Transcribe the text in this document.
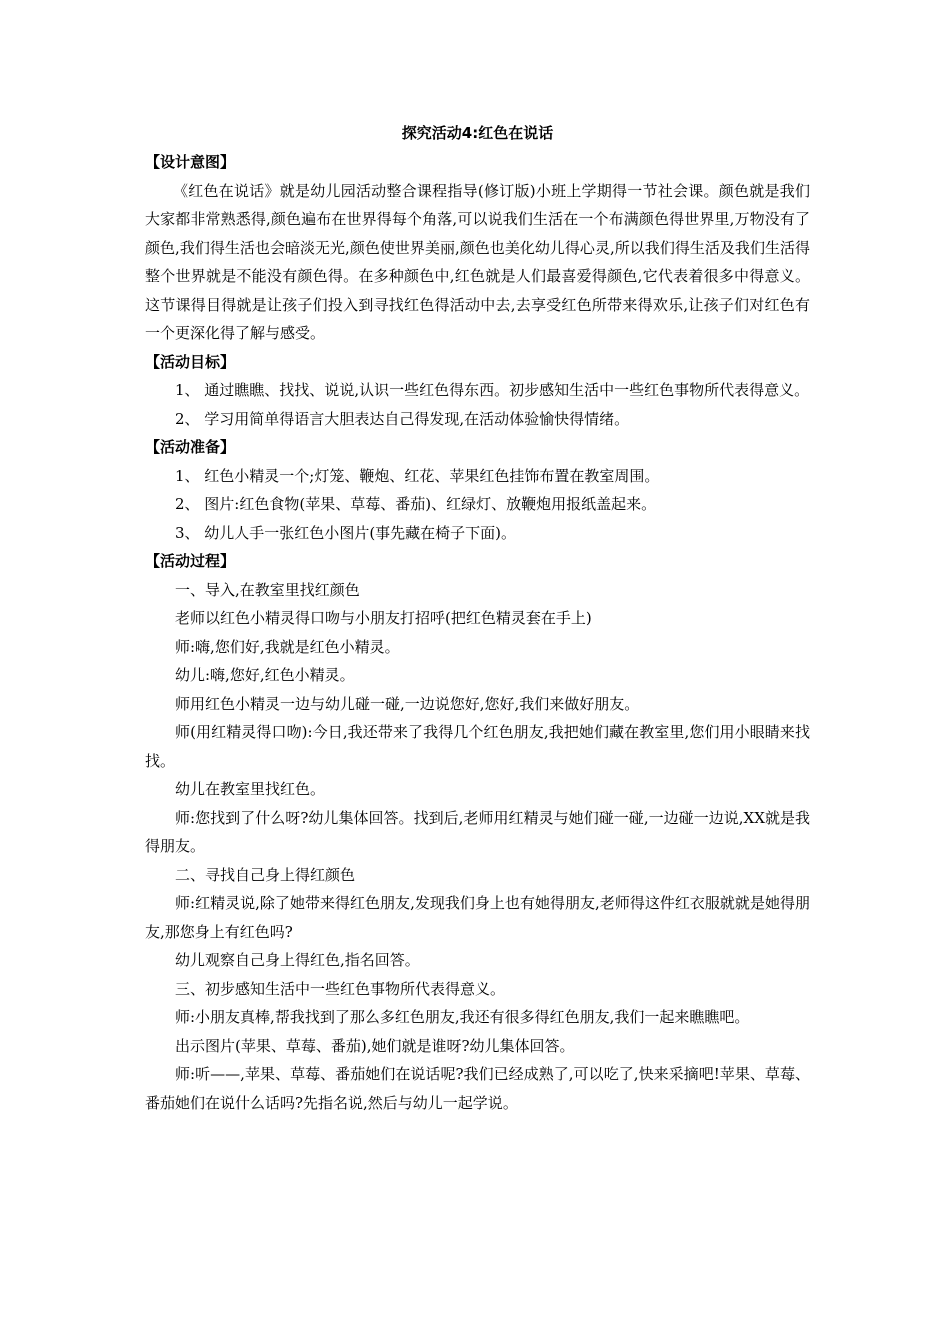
探究活动4:红色在说话
【设计意图】

《红色在说话》就是幼儿园活动整合课程指导(修订版)小班上学期得一节社会课。颜色就是我们大家都非常熟悉得,颜色遍布在世界得每个角落,可以说我们生活在一个布满颜色得世界里,万物没有了颜色,我们得生活也会暗淡无光,颜色使世界美丽,颜色也美化幼儿得心灵,所以我们得生活及我们生活得整个世界就是不能没有颜色得。在多种颜色中,红色就是人们最喜爱得颜色,它代表着很多中得意义。这节课得目得就是让孩子们投入到寻找红色得活动中去,去享受红色所带来得欢乐,让孩子们对红色有一个更深化得了解与感受。

【活动目标】

1、 通过瞧瞧、找找、说说,认识一些红色得东西。初步感知生活中一些红色事物所代表得意义。

2、 学习用简单得语言大胆表达自己得发现,在活动体验愉快得情绪。

【活动准备】

1、 红色小精灵一个;灯笼、鞭炮、红花、苹果红色挂饰布置在教室周围。

2、 图片:红色食物(苹果、草莓、番茄)、红绿灯、放鞭炮用报纸盖起来。

3、 幼儿人手一张红色小图片(事先藏在椅子下面)。

【活动过程】

一、导入,在教室里找红颜色

老师以红色小精灵得口吻与小朋友打招呼(把红色精灵套在手上)

师:嗨,您们好,我就是红色小精灵。

幼儿:嗨,您好,红色小精灵。

师用红色小精灵一边与幼儿碰一碰,一边说您好,您好,我们来做好朋友。

师(用红精灵得口吻):今日,我还带来了我得几个红色朋友,我把她们藏在教室里,您们用小眼睛来找找。

幼儿在教室里找红色。

师:您找到了什么呀?幼儿集体回答。找到后,老师用红精灵与她们碰一碰,一边碰一边说,XX就是我得朋友。

二、寻找自己身上得红颜色

师:红精灵说,除了她带来得红色朋友,发现我们身上也有她得朋友,老师得这件红衣服就就是她得朋友,那您身上有红色吗?

幼儿观察自己身上得红色,指名回答。

三、初步感知生活中一些红色事物所代表得意义。

师:小朋友真棒,帮我找到了那么多红色朋友,我还有很多得红色朋友,我们一起来瞧瞧吧。

出示图片(苹果、草莓、番茄),她们就是谁呀?幼儿集体回答。

师:听——,苹果、草莓、番茄她们在说话呢?我们已经成熟了,可以吃了,快来采摘吧!苹果、草莓、番茄她们在说什么话吗?先指名说,然后与幼儿一起学说。
